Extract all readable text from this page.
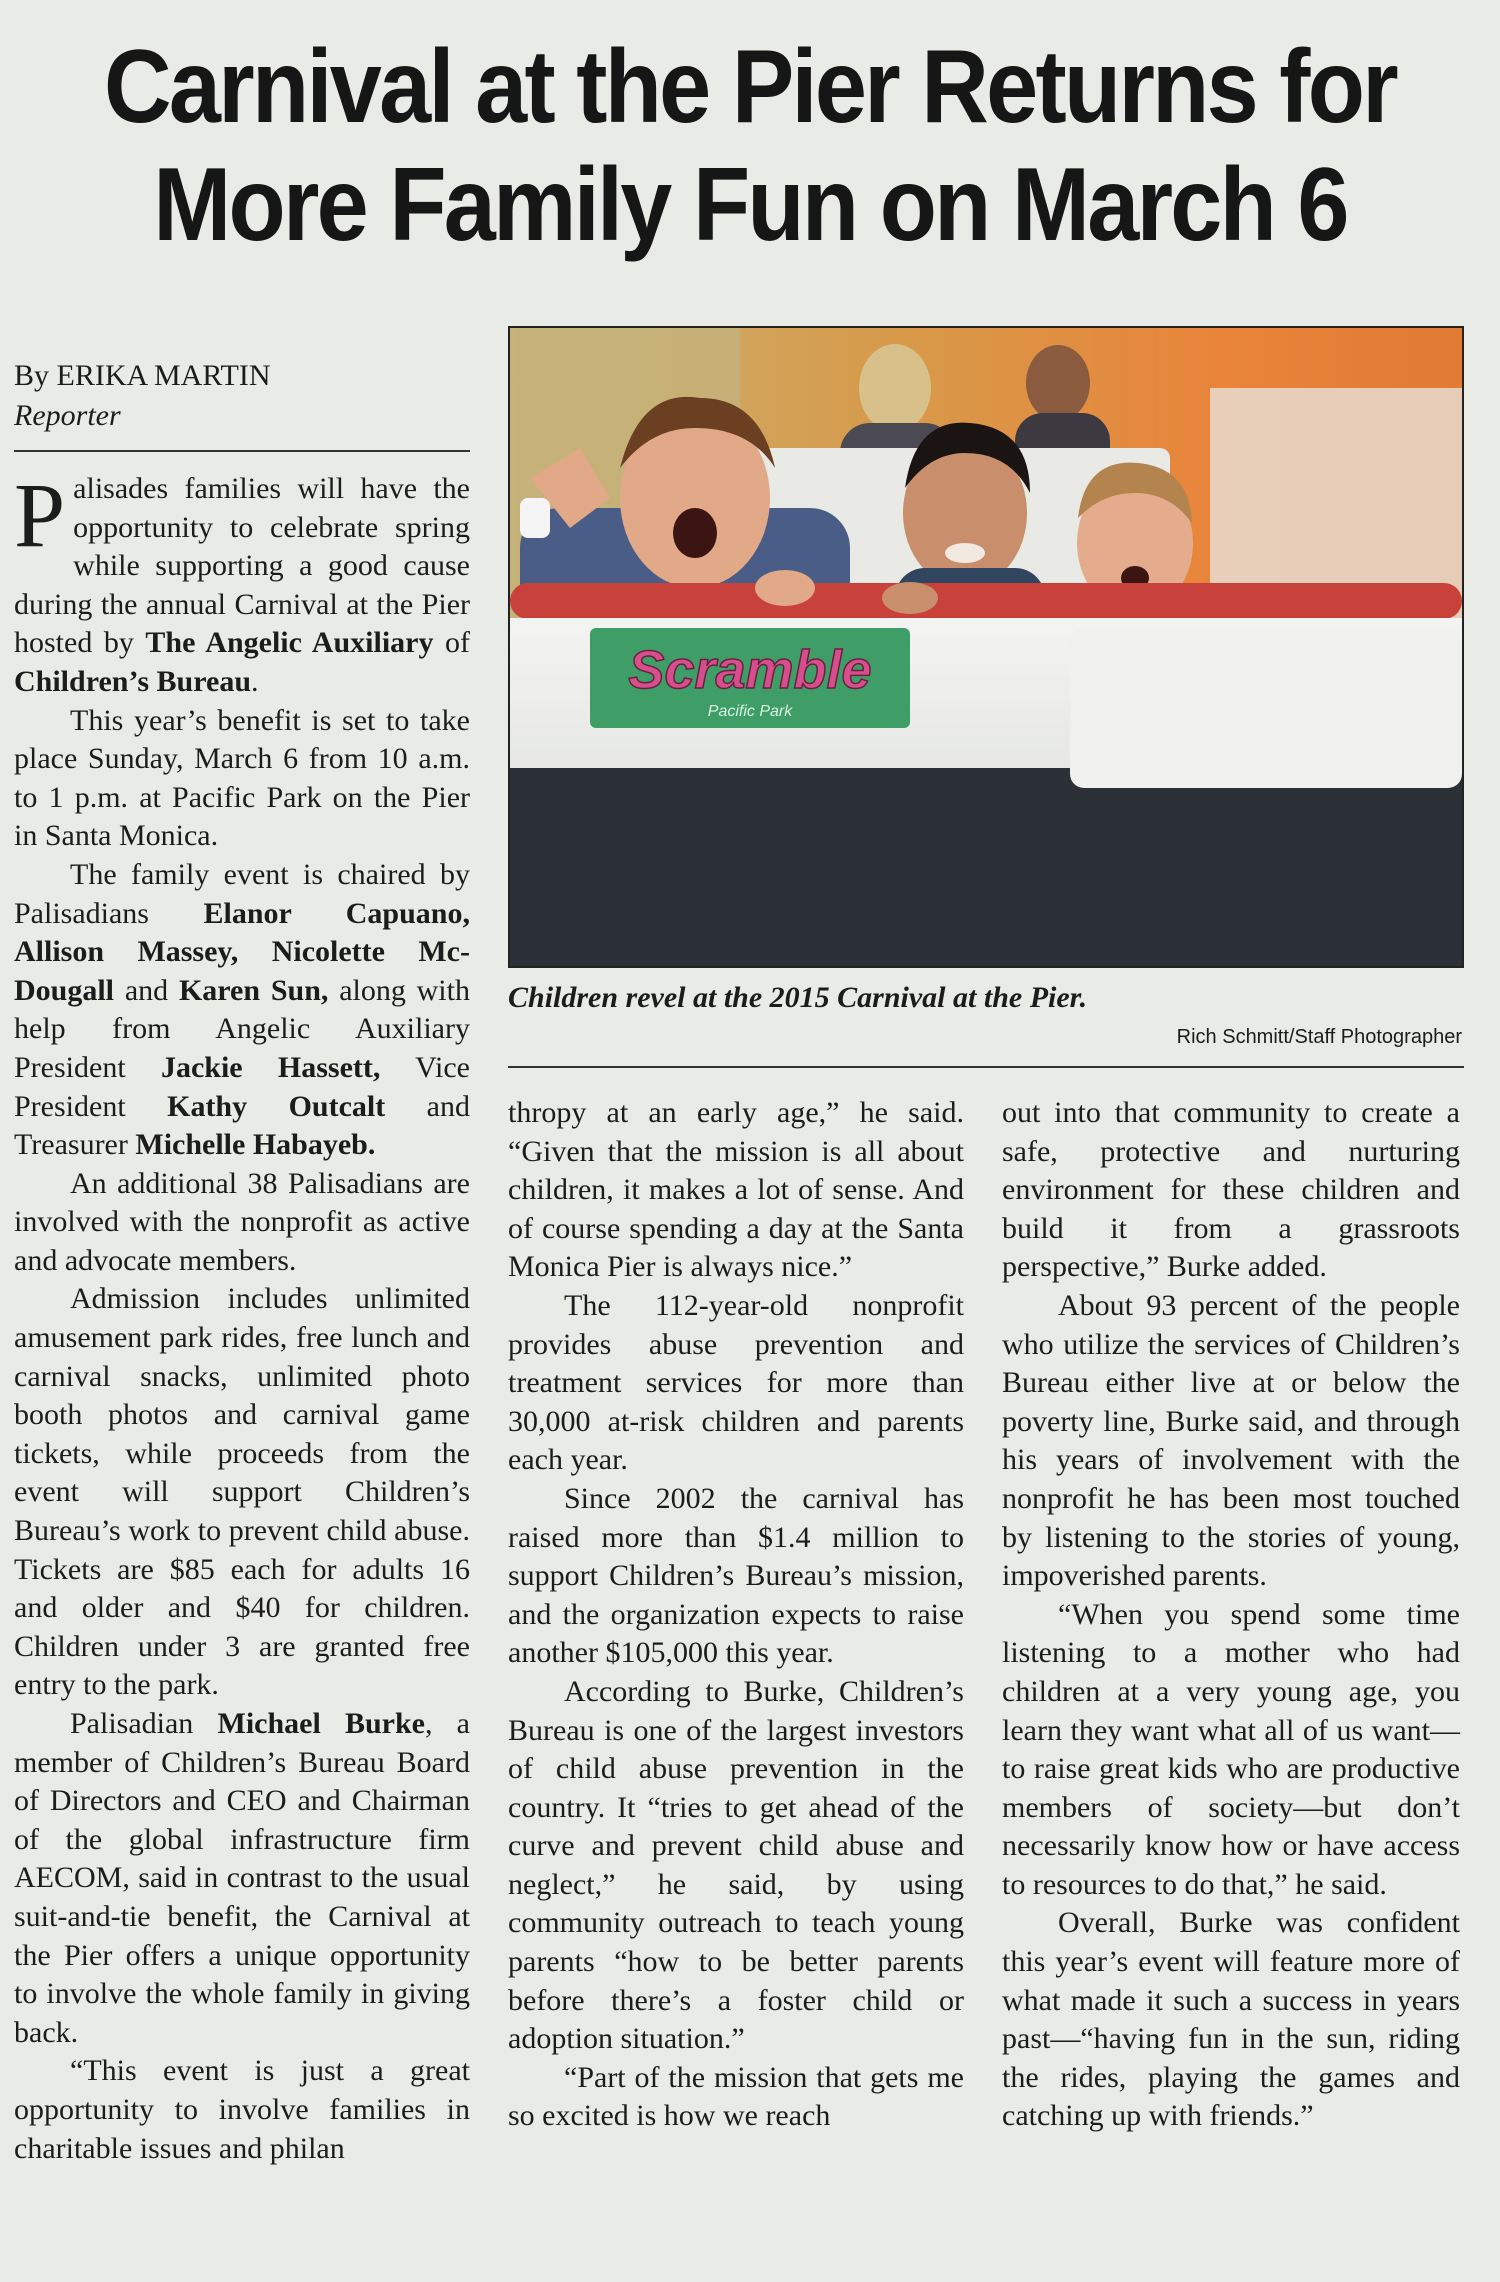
Carnival at the Pier Returns for
More Family Fun on March 6
By ERIKA MARTIN
Reporter
Scramble
Pacific Park
Children revel at the 2015 Carnival at the Pier.
Rich Schmitt/Staff Photographer

Palisades families will have the opportunity to celebrate spring while supporting a good cause during the annual Carnival at the Pier hosted by The Angelic Auxiliary of Children’s Bureau.

This year’s benefit is set to take place Sunday, March 6 from 10 a.m. to 1 p.m. at Pacific Park on the Pier in Santa Monica.

The family event is chaired by Palisadians Elanor Capuano, Allison Massey, Nicolette McDougall and Karen Sun, along with help from Angelic Auxiliary President Jackie Hassett, Vice President Kathy Outcalt and Treasurer Michelle Habayeb.

An additional 38 Palisadians are involved with the nonprofit as active and advocate members.

Admission includes unlimited amusement park rides, free lunch and carnival snacks, unlimited photo booth photos and carnival game tickets, while proceeds from the event will support Children’s Bureau’s work to prevent child abuse. Tickets are $85 each for adults 16 and older and $40 for children. Children under 3 are granted free entry to the park.

Palisadian Michael Burke, a member of Children’s Bureau Board of Directors and CEO and Chairman of the global infrastructure firm AECOM, said in contrast to the usual suit-and-tie benefit, the Carnival at the Pier offers a unique opportunity to involve the whole family in giving back.

“This event is just a great opportunity to involve families in charitable issues and philan

thropy at an early age,” he said. “Given that the mission is all about children, it makes a lot of sense. And of course spending a day at the Santa Monica Pier is always nice.”

The 112-year-old nonprofit provides abuse prevention and treatment services for more than 30,000 at-risk children and parents each year.

Since 2002 the carnival has raised more than $1.4 million to support Children’s Bureau’s mission, and the organization expects to raise another $105,000 this year.

According to Burke, Children’s Bureau is one of the largest investors of child abuse prevention in the country. It “tries to get ahead of the curve and prevent child abuse and neglect,” he said, by using community outreach to teach young parents “how to be better parents before there’s a foster child or adoption situation.”

“Part of the mission that gets me so excited is how we reach

out into that community to create a safe, protective and nurturing environment for these children and build it from a grassroots perspective,” Burke added.

About 93 percent of the people who utilize the services of Children’s Bureau either live at or below the poverty line, Burke said, and through his years of involvement with the nonprofit he has been most touched by listening to the stories of young, impoverished parents.

“When you spend some time listening to a mother who had children at a very young age, you learn they want what all of us want—to raise great kids who are productive members of society—but don’t necessarily know how or have access to resources to do that,” he said.

Overall, Burke was confident this year’s event will feature more of what made it such a success in years past—“having fun in the sun, riding the rides, playing the games and catching up with friends.”
